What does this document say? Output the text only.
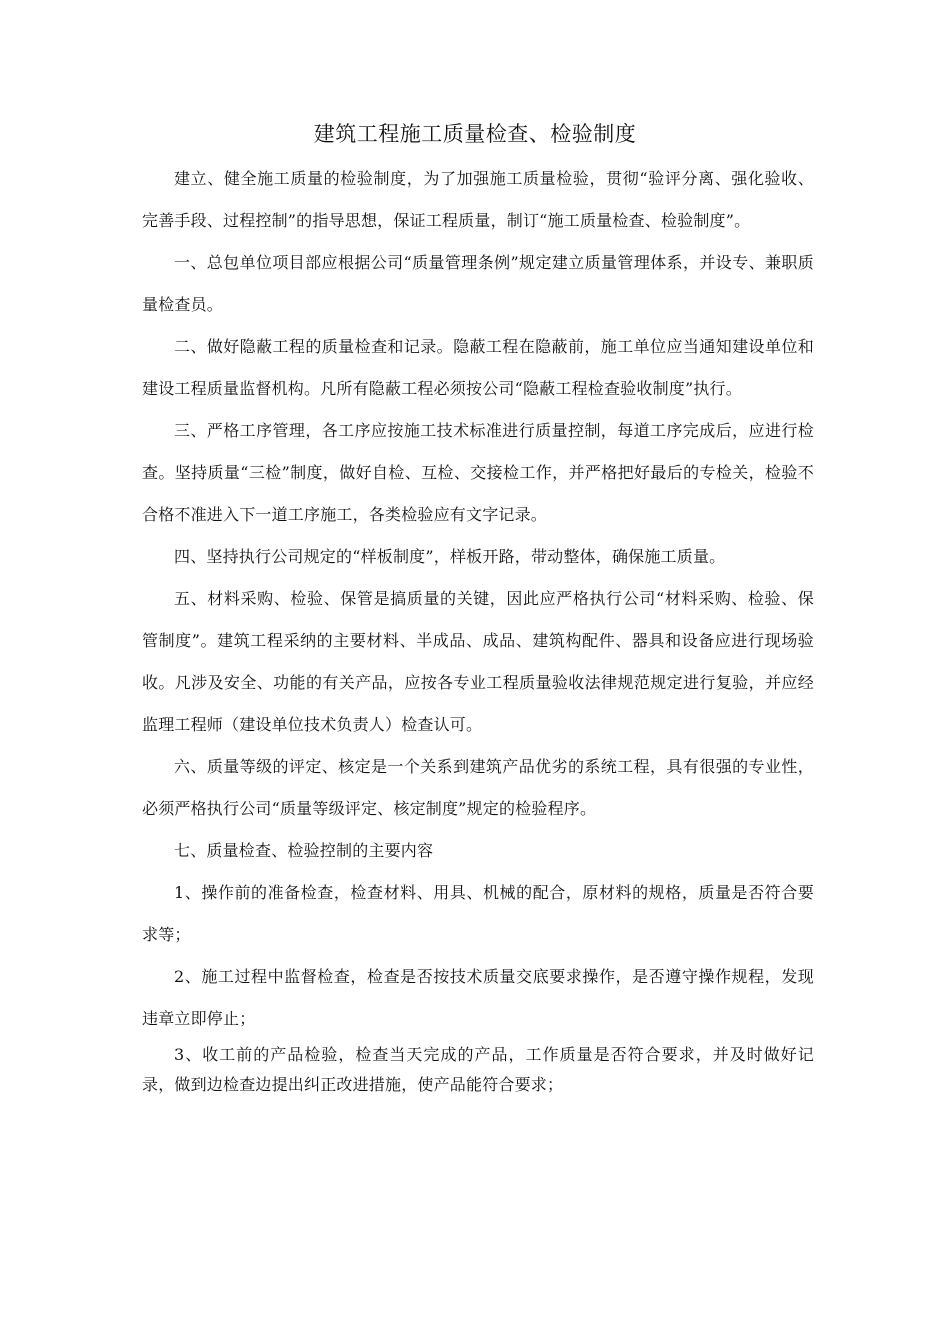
建筑工程施工质量检查、检验制度

建立、健全施工质量的检验制度，为了加强施工质量检验，贯彻“验评分离、强化验收、完善手段、过程控制”的指导思想，保证工程质量，制订“施工质量检查、检验制度”。

一、总包单位项目部应根据公司“质量管理条例”规定建立质量管理体系，并设专、兼职质量检查员。

二、做好隐蔽工程的质量检查和记录。隐蔽工程在隐蔽前，施工单位应当通知建设单位和建设工程质量监督机构。凡所有隐蔽工程必须按公司“隐蔽工程检查验收制度”执行。

三、严格工序管理，各工序应按施工技术标准进行质量控制，每道工序完成后，应进行检查。坚持质量“三检”制度，做好自检、互检、交接检工作，并严格把好最后的专检关，检验不合格不准进入下一道工序施工，各类检验应有文字记录。

四、坚持执行公司规定的“样板制度”，样板开路，带动整体，确保施工质量。

五、材料采购、检验、保管是搞质量的关键，因此应严格执行公司“材料采购、检验、保管制度”。建筑工程采纳的主要材料、半成品、成品、建筑构配件、器具和设备应进行现场验收。凡涉及安全、功能的有关产品，应按各专业工程质量验收法律规范规定进行复验，并应经监理工程师（建设单位技术负责人）检查认可。

六、质量等级的评定、核定是一个关系到建筑产品优劣的系统工程，具有很强的专业性，必须严格执行公司“质量等级评定、核定制度”规定的检验程序。

七、质量检查、检验控制的主要内容

1、操作前的准备检查，检查材料、用具、机械的配合，原材料的规格，质量是否符合要求等；

2、施工过程中监督检查，检查是否按技术质量交底要求操作，是否遵守操作规程，发现违章立即停止；

3、收工前的产品检验，检查当天完成的产品，工作质量是否符合要求，并及时做好记录，做到边检查边提出纠正改进措施，使产品能符合要求；
